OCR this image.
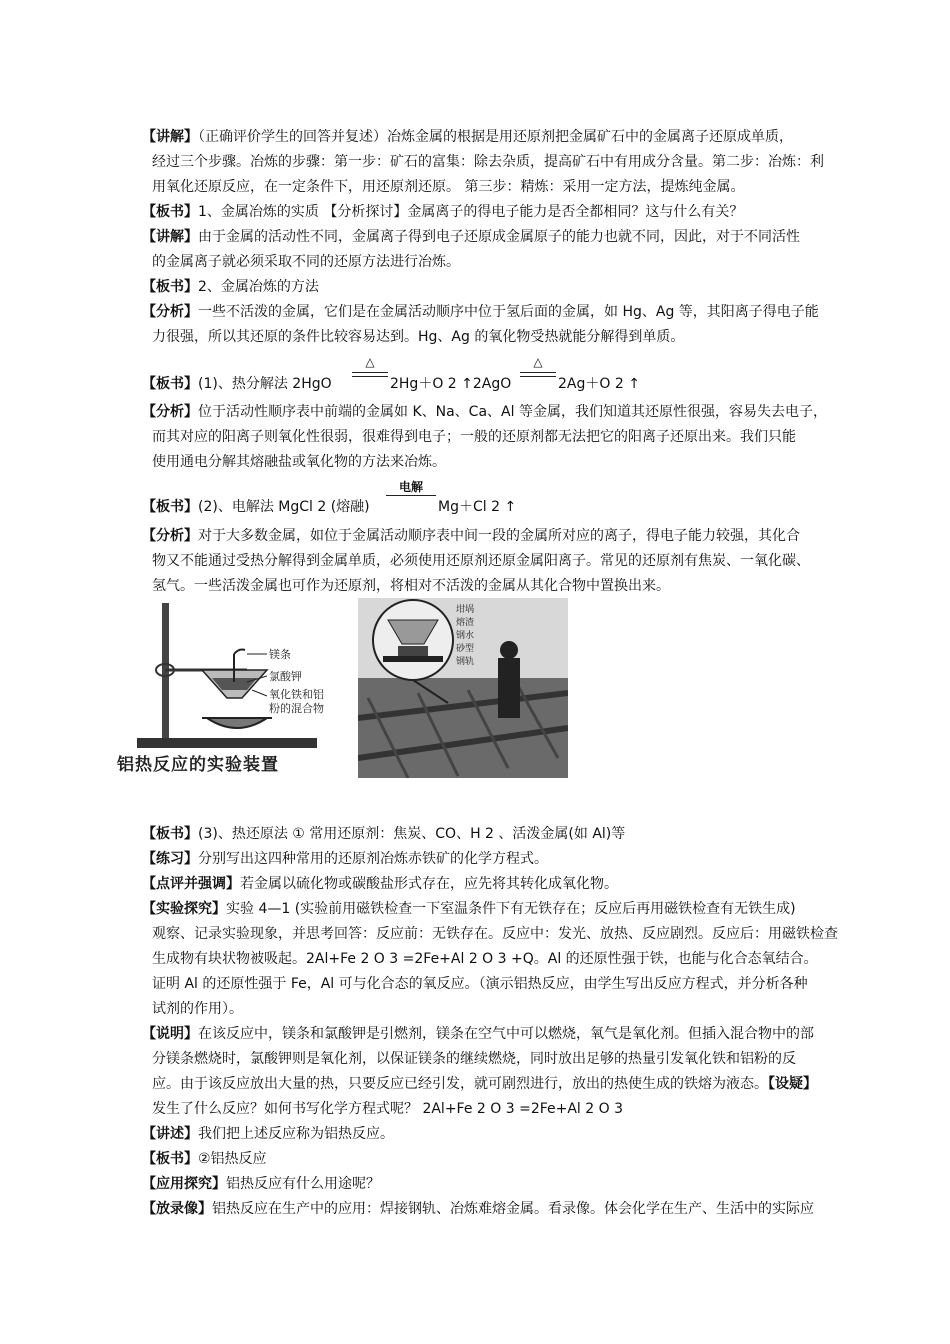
【讲解】（正确评价学生的回答并复述）冶炼金属的根据是用还原剂把金属矿石中的金属离子还原成单质，
经过三个步骤。冶炼的步骤：第一步：矿石的富集：除去杂质，提高矿石中有用成分含量。第二步：冶炼：利
用氧化还原反应，在一定条件下，用还原剂还原。 第三步：精炼：采用一定方法，提炼纯金属。
【板书】1、金属冶炼的实质 【分析探讨】金属离子的得电子能力是否全都相同？这与什么有关？
【讲解】由于金属的活动性不同，金属离子得到电子还原成金属原子的能力也就不同，因此，对于不同活性
的金属离子就必须采取不同的还原方法进行冶炼。
【板书】2、金属冶炼的方法
【分析】一些不活泼的金属，它们是在金属活动顺序中位于氢后面的金属，如 Hg、Ag 等，其阳离子得电子能
力很强，所以其还原的条件比较容易达到。Hg、Ag 的氧化物受热就能分解得到单质。
【板书】(1)、热分解法 2HgO
△
2Hg＋O 2 ↑2AgO
△
2Ag＋O 2 ↑
【分析】位于活动性顺序表中前端的金属如 K、Na、Ca、Al 等金属，我们知道其还原性很强，容易失去电子，
而其对应的阳离子则氧化性很弱，很难得到电子；一般的还原剂都无法把它的阳离子还原出来。我们只能
使用通电分解其熔融盐或氧化物的方法来冶炼。
【板书】(2)、电解法 MgCl 2 (熔融)
电解
Mg＋Cl 2 ↑
【分析】对于大多数金属，如位于金属活动顺序表中间一段的金属所对应的离子，得电子能力较强，其化合
物又不能通过受热分解得到金属单质，必须使用还原剂还原金属阳离子。常见的还原剂有焦炭、一氧化碳、
氢气。一些活泼金属也可作为还原剂，将相对不活泼的金属从其化合物中置换出来。
镁条
氯酸钾
氧化铁和铝
粉的混合物
铝热反应的实验装置
坩埚
熔渣
钢水
砂型
钢轨
【板书】(3)、热还原法 ① 常用还原剂：焦炭、CO、H 2 、活泼金属(如 Al)等
【练习】分别写出这四种常用的还原剂冶炼赤铁矿的化学方程式。
【点评并强调】若金属以硫化物或碳酸盐形式存在，应先将其转化成氧化物。
【实验探究】实验 4—1 (实验前用磁铁检查一下室温条件下有无铁存在；反应后再用磁铁检查有无铁生成)
观察、记录实验现象，并思考回答：反应前：无铁存在。反应中：发光、放热、反应剧烈。反应后：用磁铁检查
生成物有块状物被吸起。2Al+Fe 2 O 3 =2Fe+Al 2 O 3 +Q。Al 的还原性强于铁，也能与化合态氧结合。
证明 Al 的还原性强于 Fe，Al 可与化合态的氧反应。（演示铝热反应，由学生写出反应方程式，并分析各种
试剂的作用）。
【说明】在该反应中，镁条和氯酸钾是引燃剂，镁条在空气中可以燃烧，氧气是氧化剂。但插入混合物中的部
分镁条燃烧时，氯酸钾则是氧化剂，以保证镁条的继续燃烧，同时放出足够的热量引发氧化铁和铝粉的反
应。由于该反应放出大量的热，只要反应已经引发，就可剧烈进行，放出的热使生成的铁熔为液态。【设疑】
发生了什么反应？如何书写化学方程式呢？ 2Al+Fe 2 O 3 =2Fe+Al 2 O 3
【讲述】我们把上述反应称为铝热反应。
【板书】②铝热反应
【应用探究】铝热反应有什么用途呢？
【放录像】铝热反应在生产中的应用：焊接钢轨、冶炼难熔金属。看录像。体会化学在生产、生活中的实际应
